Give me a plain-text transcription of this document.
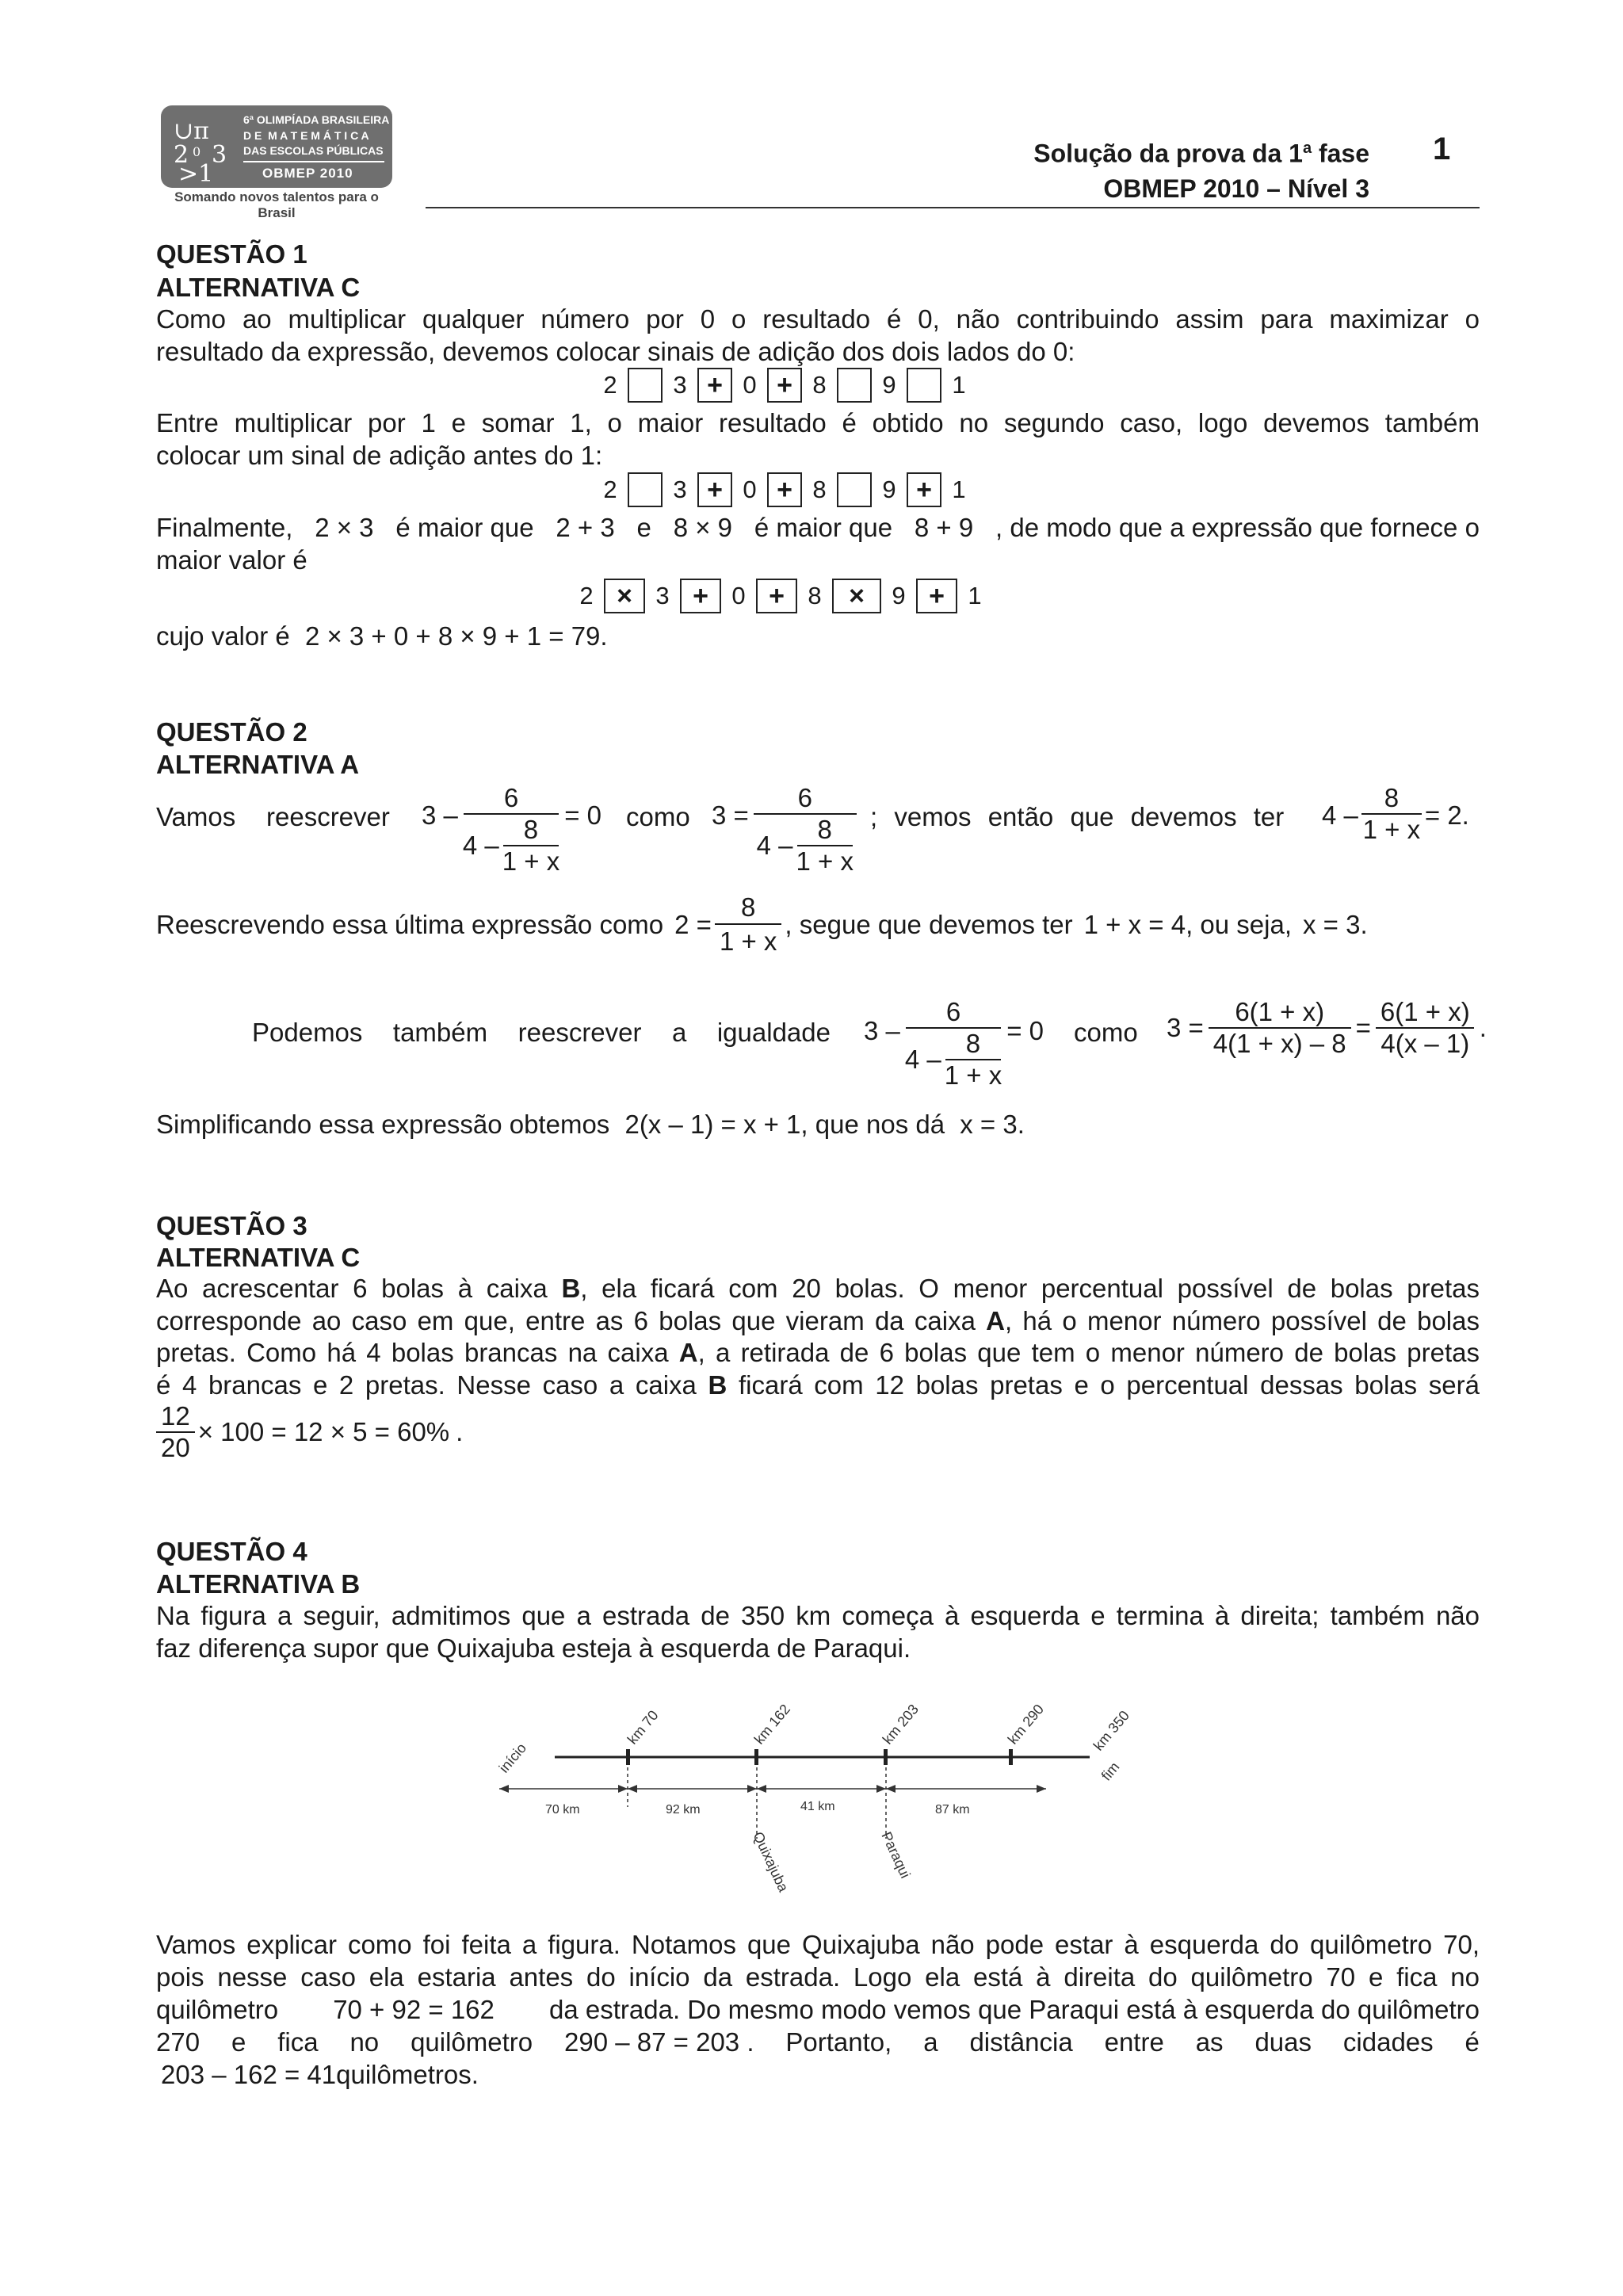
∪π
2 3
0
>1
6ª OLIMPÍADA BRASILEIRA
D E  M A T E M Á T I C A
DAS ESCOLAS PÚBLICAS
OBMEP 2010
Somando novos talentos para o Brasil
Solução da prova da 1$^a$ fase
OBMEP 2010 – Nível 3
1
QUESTÃO 1
ALTERNATIVA C
Como ao multiplicar qualquer número por 0 o resultado é 0, não contribuindo assim para maximizar o
resultado da expressão, devemos colocar sinais de adição dos dois lados do 0:
2	3 + 0 + 8	9	1
Entre multiplicar por 1 e somar 1, o maior resultado é obtido no segundo caso, logo devemos também
colocar um sinal de adição antes do 1:
2	3 + 0 + 8	9 + 1
Finalmente, 2 × 3 é maior que 2 + 3 e 8 × 9 é maior que 8 + 9 , de modo que a expressão que fornece o
maior valor é
2 × 3 + 0 + 8	×	9 + 1
cujo valor é 2 × 3 + 0 + 8 × 9 + 1 = 79.
QUESTÃO 2
ALTERNATIVA A
Vamos reescrever 3 –
6
4 –
8
1 + x
= 0 como 3 =
6
4 –
8
1 + x
; vemos então que devemos ter 4 –
8
1 + x = 2 .
Reescrevendo essa última expressão como $2 = \frac{8}{1 + x}$ , segue que devemos ter 1 + x = 4 , ou seja, x = 3 .
Podemos também reescrever a igualdade 3 –
6
4 –
8
1 + x
= 0 como $3 = \frac{6(1 + x)}{4(1 + x) - 8} = \frac{6(1 + x)}{4(x - 1)}$ .
Simplificando essa expressão obtemos 2(x – 1) = x + 1, que nos dá x = 3.
QUESTÃO 3
ALTERNATIVA C
Ao acrescentar 6 bolas à caixa B, ela ficará com 20 bolas. O menor percentual possível de bolas pretas
corresponde ao caso em que, entre as 6 bolas que vieram da caixa A, há o menor número possível de bolas
pretas. Como há 4 bolas brancas na caixa A, a retirada de 6 bolas que tem o menor número de bolas pretas
é 4 brancas e 2 pretas. Nesse caso a caixa B ficará com 12 bolas pretas e o percentual dessas bolas será
$\frac{12}{20} \times 100 = 12 \times 5 = 60\%$ .
QUESTÃO 4
ALTERNATIVA B
Na figura a seguir, admitimos que a estrada de 350 km começa à esquerda e termina à direita; também não
faz diferença supor que Quixajuba esteja à esquerda de Paraqui.
início
km 70	km 162	km 203	km 290	km 350
fim
70 km	92 km	41 km	87 km
Quixajuba	Paraqui
Vamos explicar como foi feita a figura. Notamos que Quixajuba não pode estar à esquerda do quilômetro 70,
pois nesse caso ela estaria antes do início da estrada. Logo ela está à direita do quilômetro 70 e fica no
quilômetro 70 + 92 = 162 da estrada. Do mesmo modo vemos que Paraqui está à esquerda do quilômetro
270 e fica no quilômetro 290 – 87 = 203 . Portanto, a distância entre as duas cidades é
203 – 162 = 41quilômetros.
